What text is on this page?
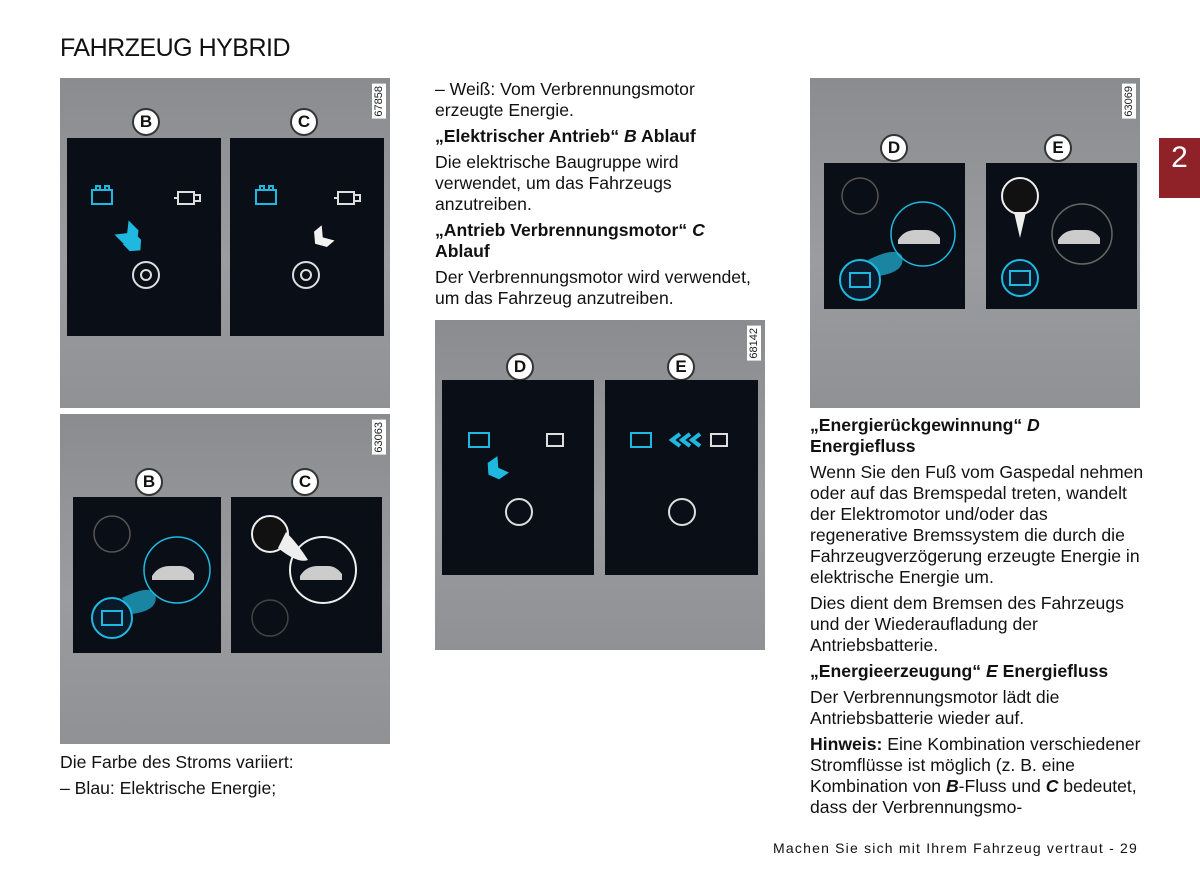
FAHRZEUG HYBRID
67858
B	C
63063
B	C
68142
D	E
63069
D	E

Die Farbe des Stroms variiert:

– Blau: Elektrische Energie;

– Weiß: Vom Verbrennungsmotor erzeugte Energie.

„Elektrischer Antrieb“ B Ablauf

Die elektrische Baugruppe wird verwendet, um das Fahrzeugs anzutreiben.

„Antrieb Verbrennungsmotor“ C Ablauf

Der Verbrennungsmotor wird verwendet, um das Fahrzeug anzutreiben.

„Energierückgewinnung“ D Energiefluss

Wenn Sie den Fuß vom Gaspedal nehmen oder auf das Bremspedal treten, wandelt der Elektromotor und/oder das regenerative Bremssystem die durch die Fahrzeugverzögerung erzeugte Energie in elektrische Energie um.

Dies dient dem Bremsen des Fahrzeugs und der Wiederaufladung der Antriebsbatterie.

„Energieerzeugung“ E Energiefluss

Der Verbrennungsmotor lädt die Antriebsbatterie wieder auf.

Hinweis: Eine Kombination verschiedener Stromflüsse ist möglich (z. B. eine Kombination von B-Fluss und C bedeutet, dass der Verbrennungsmo-

2
Machen Sie sich mit Ihrem Fahrzeug vertraut - 29
